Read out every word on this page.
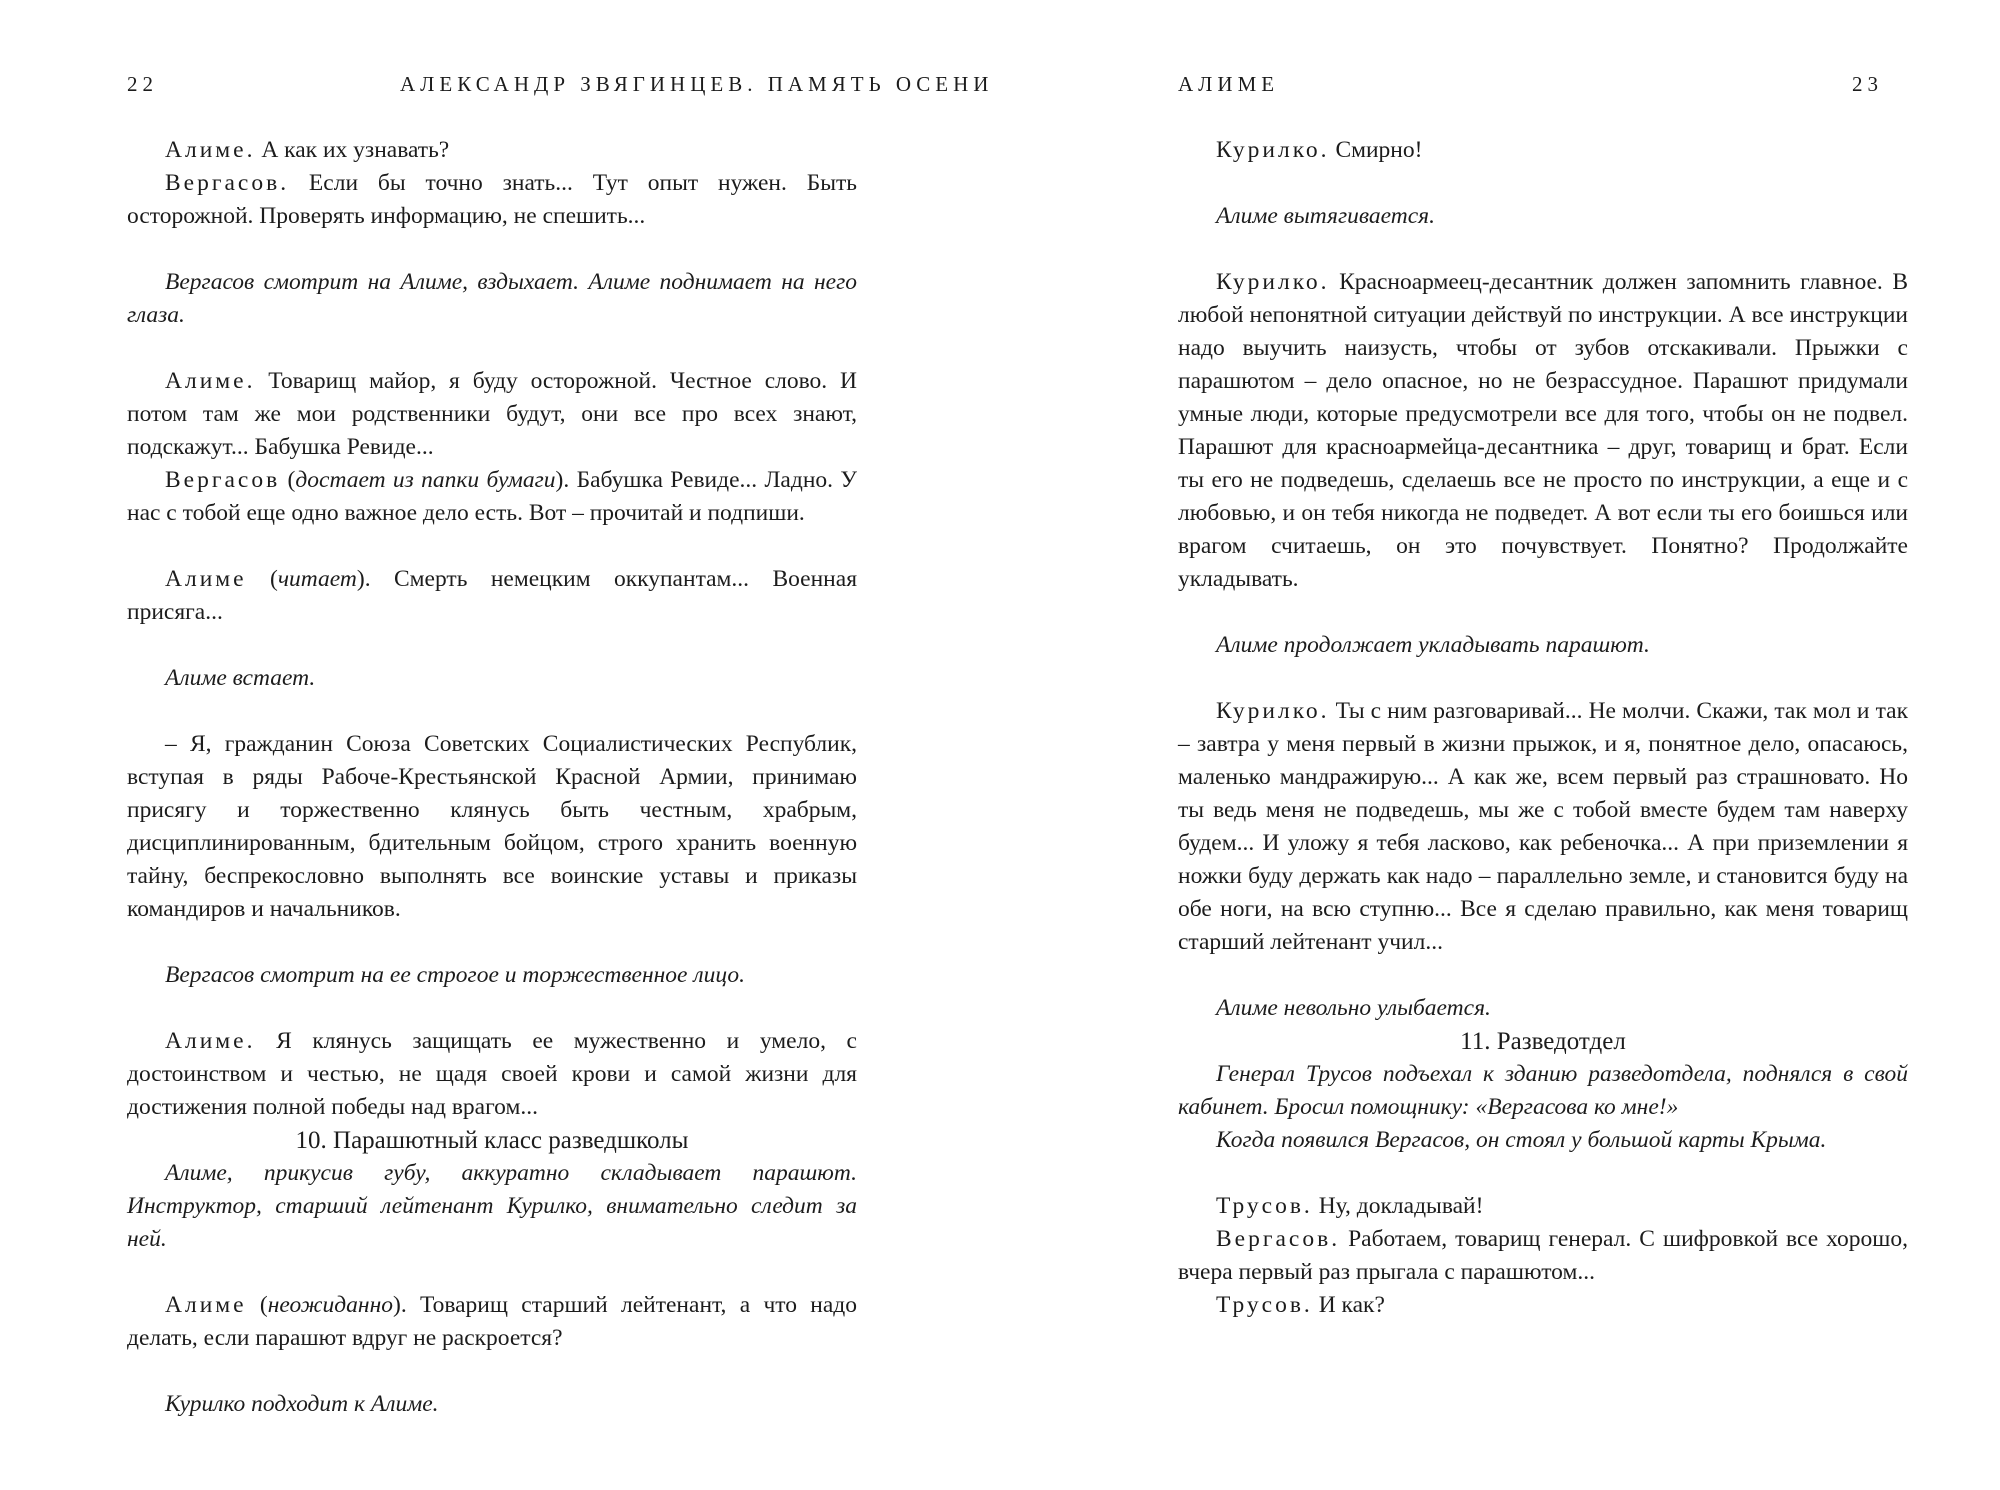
22	АЛЕКСАНДР ЗВЯГИНЦЕВ. ПАМЯТЬ ОСЕНИ

Алиме. А как их узнавать?

Вергасов. Если бы точно знать... Тут опыт нужен. Быть осторожной. Проверять информацию, не спешить...

Вергасов смотрит на Алиме, вздыхает. Алиме поднимает на него глаза.

Алиме. Товарищ майор, я буду осторожной. Честное слово. И потом там же мои родственники будут, они все про всех знают, подскажут... Бабушка Ревиде...

Вергасов (достает из папки бумаги). Бабушка Ревиде... Ладно. У нас с тобой еще одно важное дело есть. Вот – прочитай и подпиши.

Алиме (читает). Смерть немецким оккупантам... Военная присяга...

Алиме встает.

– Я, гражданин Союза Советских Социалистических Республик, вступая в ряды Рабоче-Крестьянской Красной Армии, принимаю присягу и торжественно клянусь быть честным, храбрым, дисциплинированным, бдительным бойцом, строго хранить военную тайну, беспрекословно выполнять все воинские уставы и приказы командиров и начальников.

Вергасов смотрит на ее строгое и торжественное лицо.

Алиме. Я клянусь защищать ее мужественно и умело, с достоинством и честью, не щадя своей крови и самой жизни для достижения полной победы над врагом...

10. Парашютный класс разведшколы

Алиме, прикусив губу, аккуратно складывает парашют. Инструктор, старший лейтенант Курилко, внимательно следит за ней.

Алиме (неожиданно). Товарищ старший лейтенант, а что надо делать, если парашют вдруг не раскроется?

Курилко подходит к Алиме.

АЛИМЕ	23

Курилко. Смирно!

Алиме вытягивается.

Курилко. Красноармеец-десантник должен запомнить главное. В любой непонятной ситуации действуй по инструкции. А все инструкции надо выучить наизусть, чтобы от зубов отскакивали. Прыжки с парашютом – дело опасное, но не безрассудное. Парашют придумали умные люди, которые предусмотрели все для того, чтобы он не подвел. Парашют для красноармейца-десантника – друг, товарищ и брат. Если ты его не подведешь, сделаешь все не просто по инструкции, а еще и с любовью, и он тебя никогда не подведет. А вот если ты его боишься или врагом считаешь, он это почувствует. Понятно? Продолжайте укладывать.

Алиме продолжает укладывать парашют.

Курилко. Ты с ним разговаривай... Не молчи. Скажи, так мол и так – завтра у меня первый в жизни прыжок, и я, понятное дело, опасаюсь, маленько мандражирую... А как же, всем первый раз страшновато. Но ты ведь меня не подведешь, мы же с тобой вместе будем там наверху будем... И уложу я тебя ласково, как ребеночка... А при приземлении я ножки буду держать как надо – параллельно земле, и становится буду на обе ноги, на всю ступню... Все я сделаю правильно, как меня товарищ старший лейтенант учил...

Алиме невольно улыбается.

11. Разведотдел

Генерал Трусов подъехал к зданию разведотдела, поднялся в свой кабинет. Бросил помощнику: «Вергасова ко мне!»

Когда появился Вергасов, он стоял у большой карты Крыма.

Трусов. Ну, докладывай!

Вергасов. Работаем, товарищ генерал. С шифровкой все хорошо, вчера первый раз прыгала с парашютом...

Трусов. И как?
